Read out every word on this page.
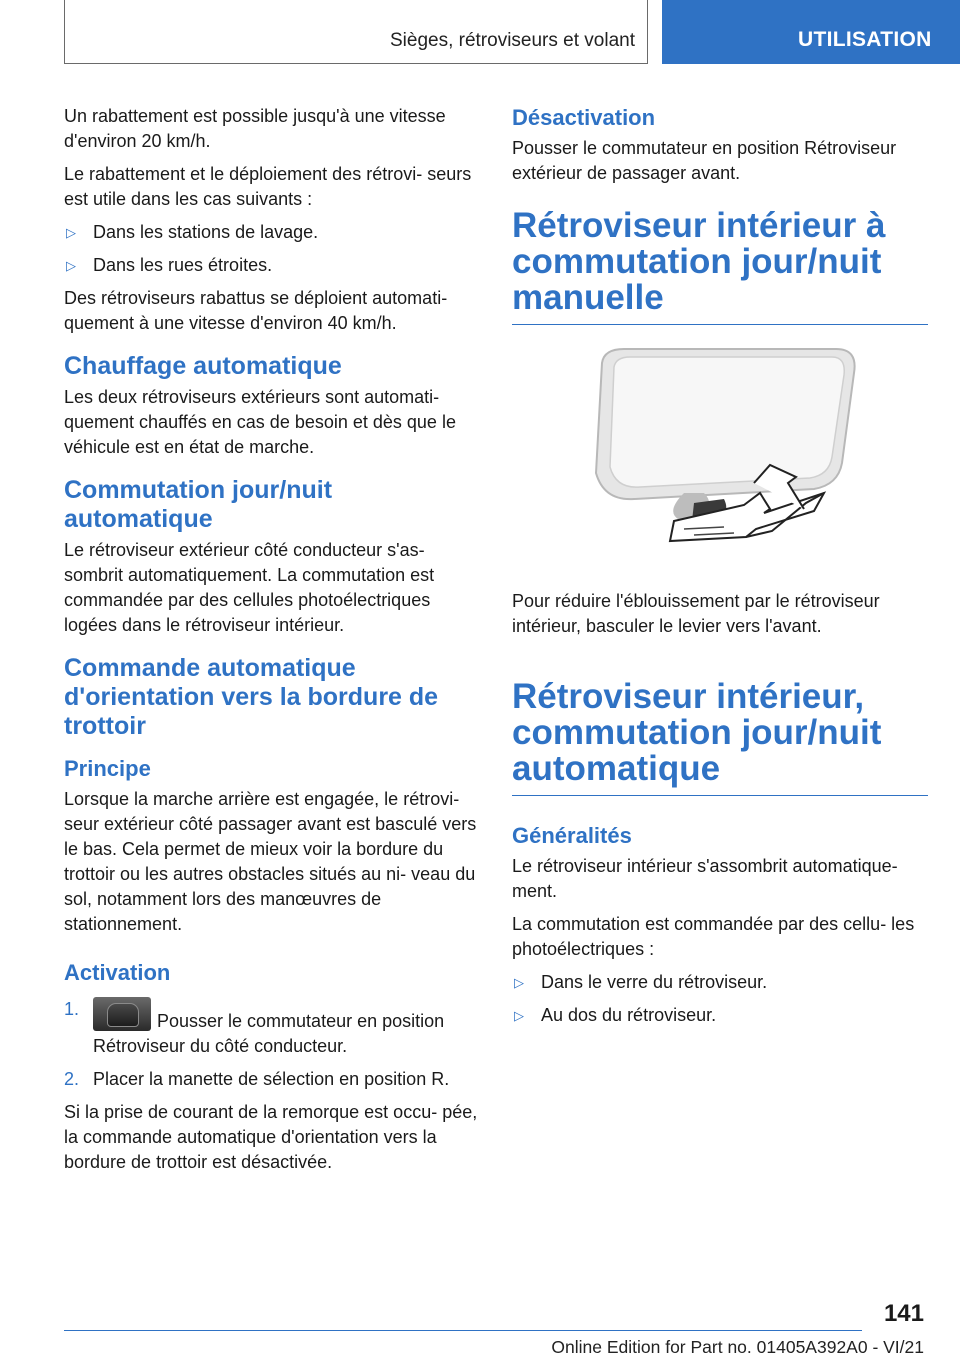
Sièges, rétroviseurs et volant	UTILISATION

Un rabattement est possible jusqu'à une vitesse d'environ 20 km/h.

Le rabattement et le déploiement des rétrovi‐ seurs est utile dans les cas suivants :

▷ Dans les stations de lavage.
▷ Dans les rues étroites.

Des rétroviseurs rabattus se déploient automati‐ quement à une vitesse d'environ 40 km/h.

Chauffage automatique

Les deux rétroviseurs extérieurs sont automati‐ quement chauffés en cas de besoin et dès que le véhicule est en état de marche.

Commutation jour/nuit automatique

Le rétroviseur extérieur côté conducteur s'as‐ sombrit automatiquement. La commutation est commandée par des cellules photoélectriques logées dans le rétroviseur intérieur.

Commande automatique d'orientation vers la bordure de trottoir
Principe

Lorsque la marche arrière est engagée, le rétrovi‐ seur extérieur côté passager avant est basculé vers le bas. Cela permet de mieux voir la bordure du trottoir ou les autres obstacles situés au ni‐ veau du sol, notamment lors des manœuvres de stationnement.

Activation
1.
Pousser le commutateur en position Rétroviseur du côté conducteur.
2. Placer la manette de sélection en position R.

Si la prise de courant de la remorque est occu‐ pée, la commande automatique d'orientation vers la bordure de trottoir est désactivée.

Désactivation

Pousser le commutateur en position Rétroviseur extérieur de passager avant.

Rétroviseur intérieur à commutation jour/nuit manuelle

Pour réduire l'éblouissement par le rétroviseur intérieur, basculer le levier vers l'avant.

Rétroviseur intérieur, commutation jour/nuit automatique
Généralités

Le rétroviseur intérieur s'assombrit automatique‐ ment.

La commutation est commandée par des cellu‐ les photoélectriques :

▷ Dans le verre du rétroviseur.
▷ Au dos du rétroviseur.
141
Online Edition for Part no. 01405A392A0 - VI/21
